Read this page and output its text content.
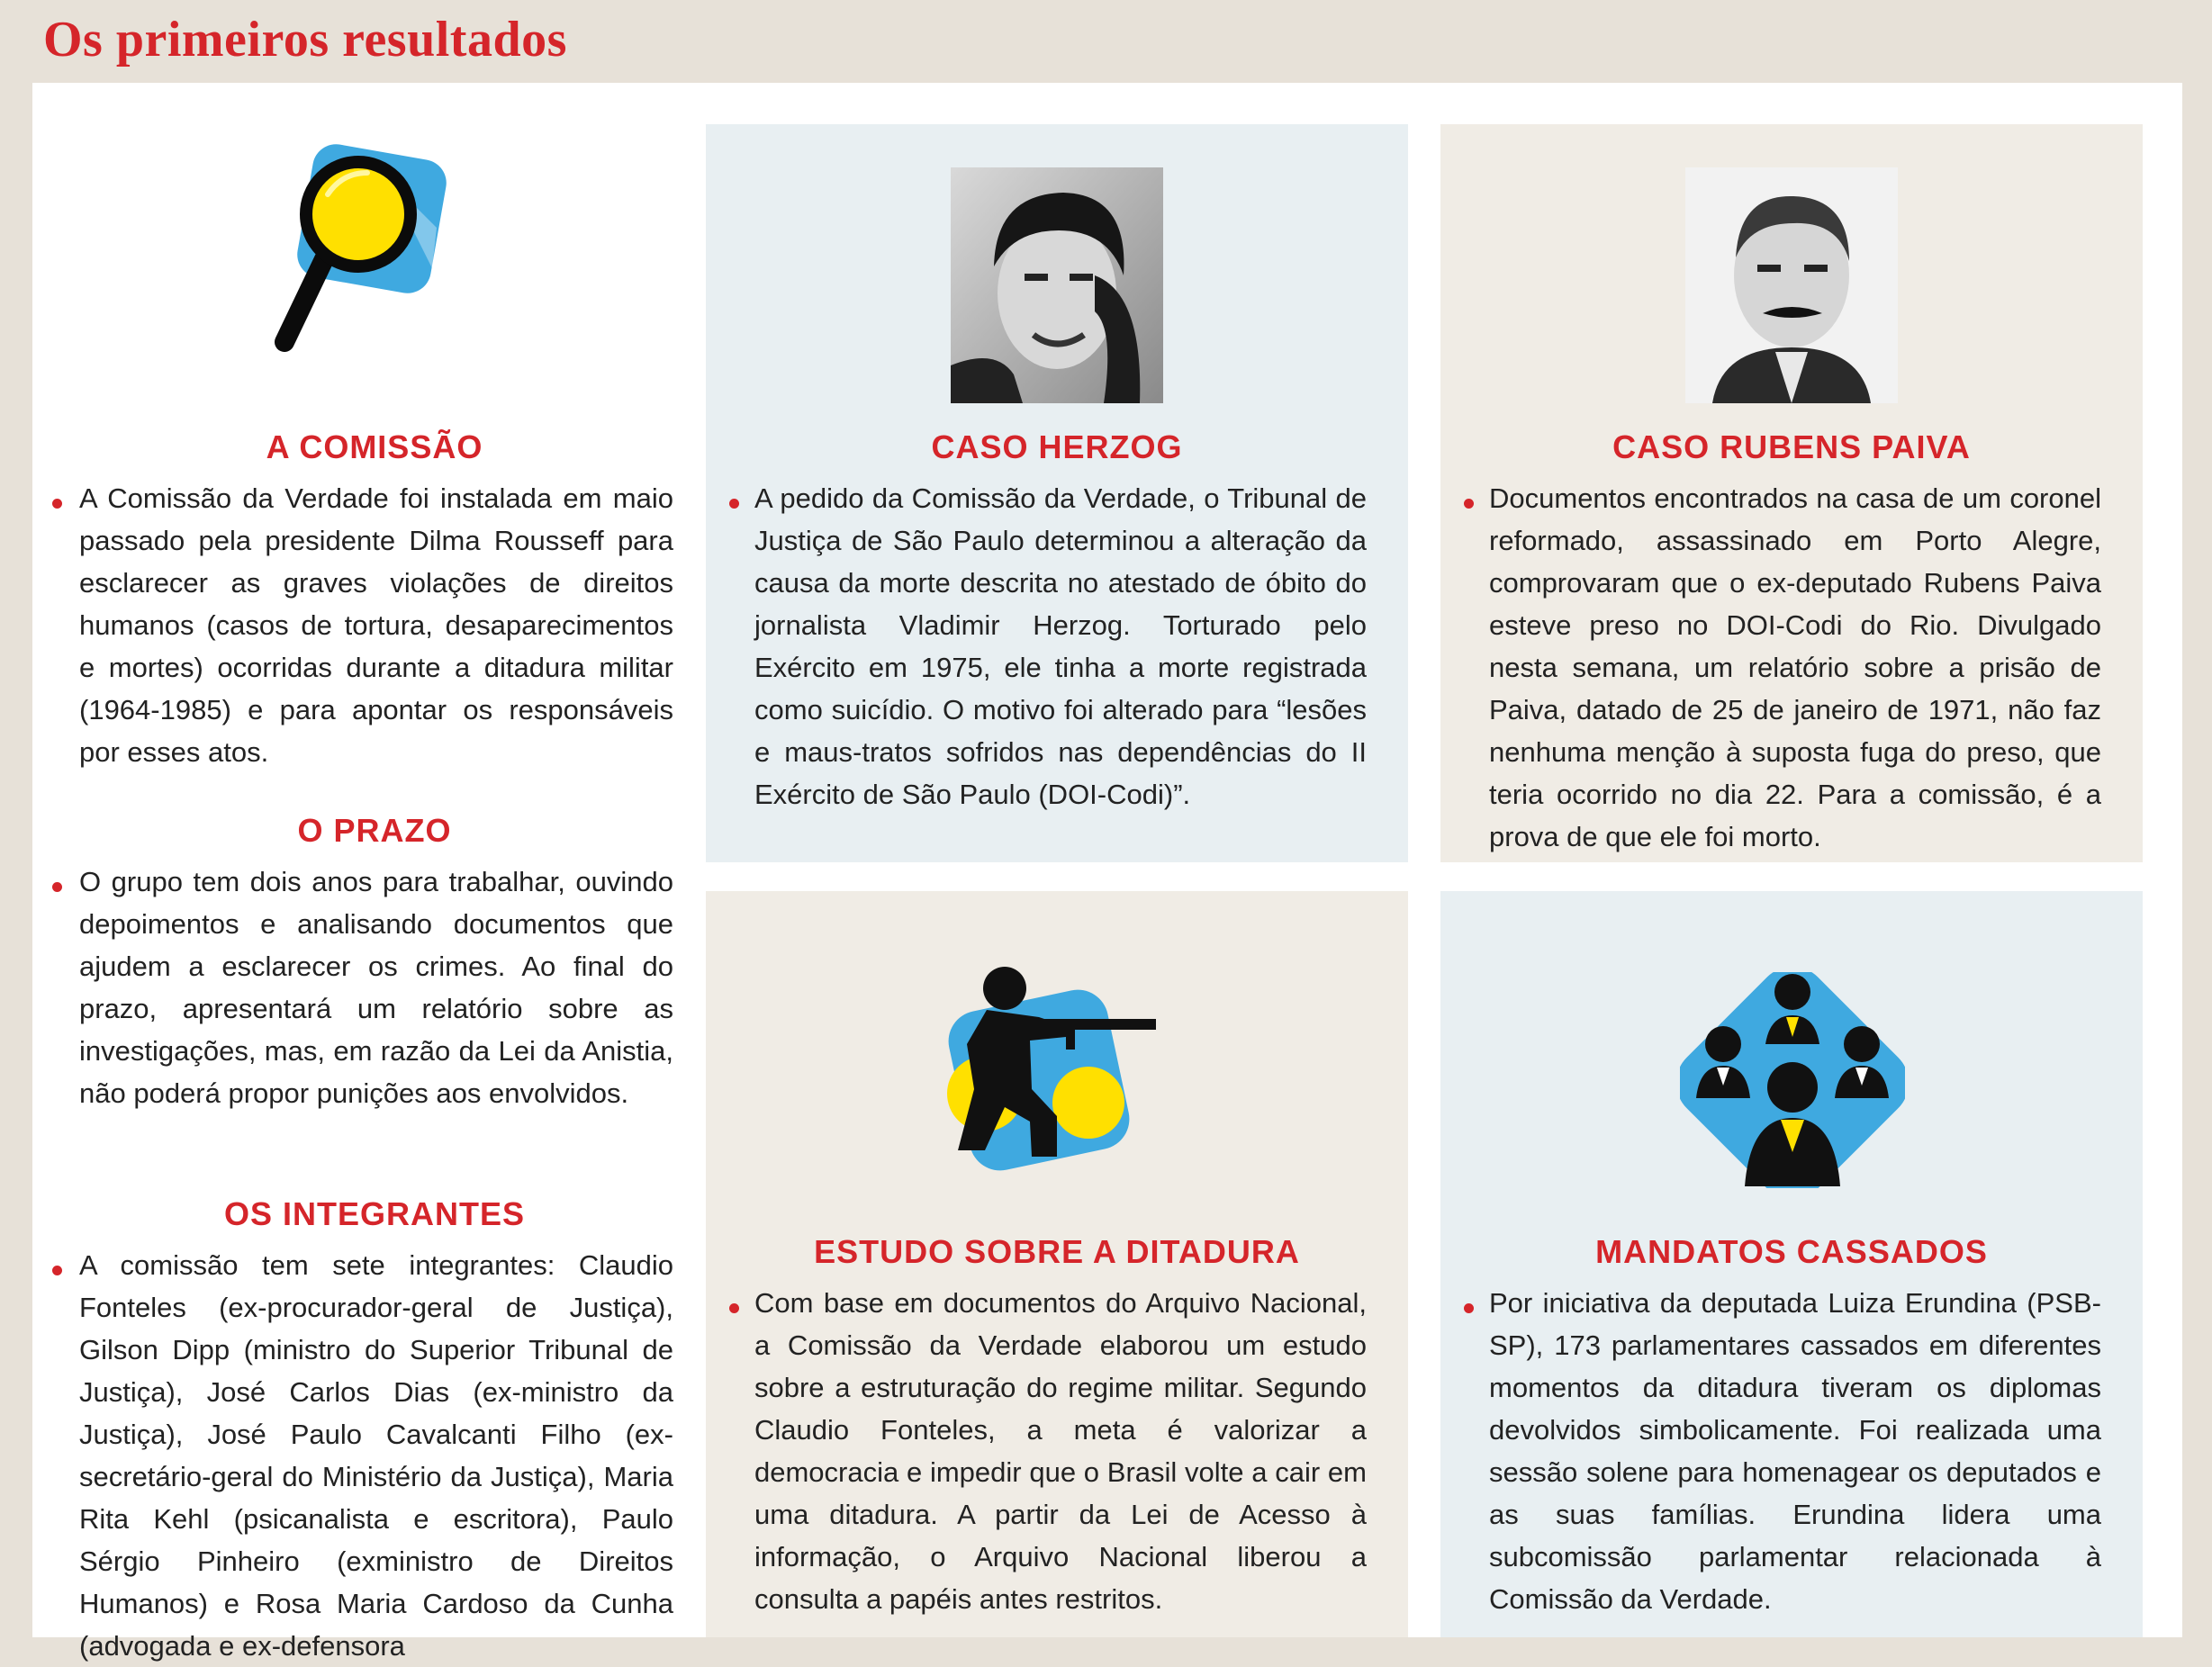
Os primeiros resultados
A COMISSÃO
A Comissão da Verdade foi instalada em maio passado pela presidente Dilma Rousseff para esclarecer as graves violações de direitos humanos (casos de tortura, desaparecimentos e mortes) ocorridas durante a ditadura militar (1964-1985) e para apontar os responsáveis por esses atos.
O PRAZO
O grupo tem dois anos para trabalhar, ouvindo depoimentos e analisando documentos que ajudem a esclarecer os crimes. Ao final do prazo, apresentará um relatório sobre as investigações, mas, em razão da Lei da Anistia, não poderá propor punições aos envolvidos.
OS INTEGRANTES
A comissão tem sete integrantes: Claudio Fonteles (ex-procurador-geral de Justiça), Gilson Dipp (ministro do Superior Tribunal de Justiça), José Carlos Dias (ex-ministro da Justiça), José Paulo Cavalcanti Filho (ex-secretário-geral do Ministério da Justiça), Maria Rita Kehl (psicanalista e escritora), Paulo Sérgio Pinheiro (exministro de Direitos Humanos) e Rosa Maria Cardoso da Cunha (advogada e ex-defensora
CASO HERZOG
A pedido da Comissão da Verdade, o Tribunal de Justiça de São Paulo determinou a alteração da causa da morte descrita no atestado de óbito do jornalista Vladimir Herzog. Torturado pelo Exército em 1975, ele tinha a morte registrada como suicídio. O motivo foi alterado para “lesões e maus-tratos sofridos nas dependências do II Exército de São Paulo (DOI-Codi)”.
CASO RUBENS PAIVA
Documentos encontrados na casa de um coronel reformado, assassinado em Porto Alegre, comprovaram que o ex-deputado Rubens Paiva esteve preso no DOI-Codi do Rio. Divulgado nesta semana, um relatório sobre a prisão de Paiva, datado de 25 de janeiro de 1971, não faz nenhuma menção à suposta fuga do preso, que teria ocorrido no dia 22. Para a comissão, é a prova de que ele foi morto.
ESTUDO SOBRE A DITADURA
Com base em documentos do Arquivo Nacional, a Comissão da Verdade elaborou um estudo sobre a estruturação do regime militar. Segundo Claudio Fonteles, a meta é valorizar a democracia e impedir que o Brasil volte a cair em uma ditadura. A partir da Lei de Acesso à informação, o Arquivo Nacional liberou a consulta a papéis antes restritos.
MANDATOS CASSADOS
Por iniciativa da deputada Luiza Erundina (PSB-SP), 173 parlamentares cassados em diferentes momentos da ditadura tiveram os diplomas devolvidos simbolicamente. Foi realizada uma sessão solene para homenagear os deputados e as suas famílias. Erundina lidera uma subcomissão parlamentar relacionada à Comissão da Verdade.
